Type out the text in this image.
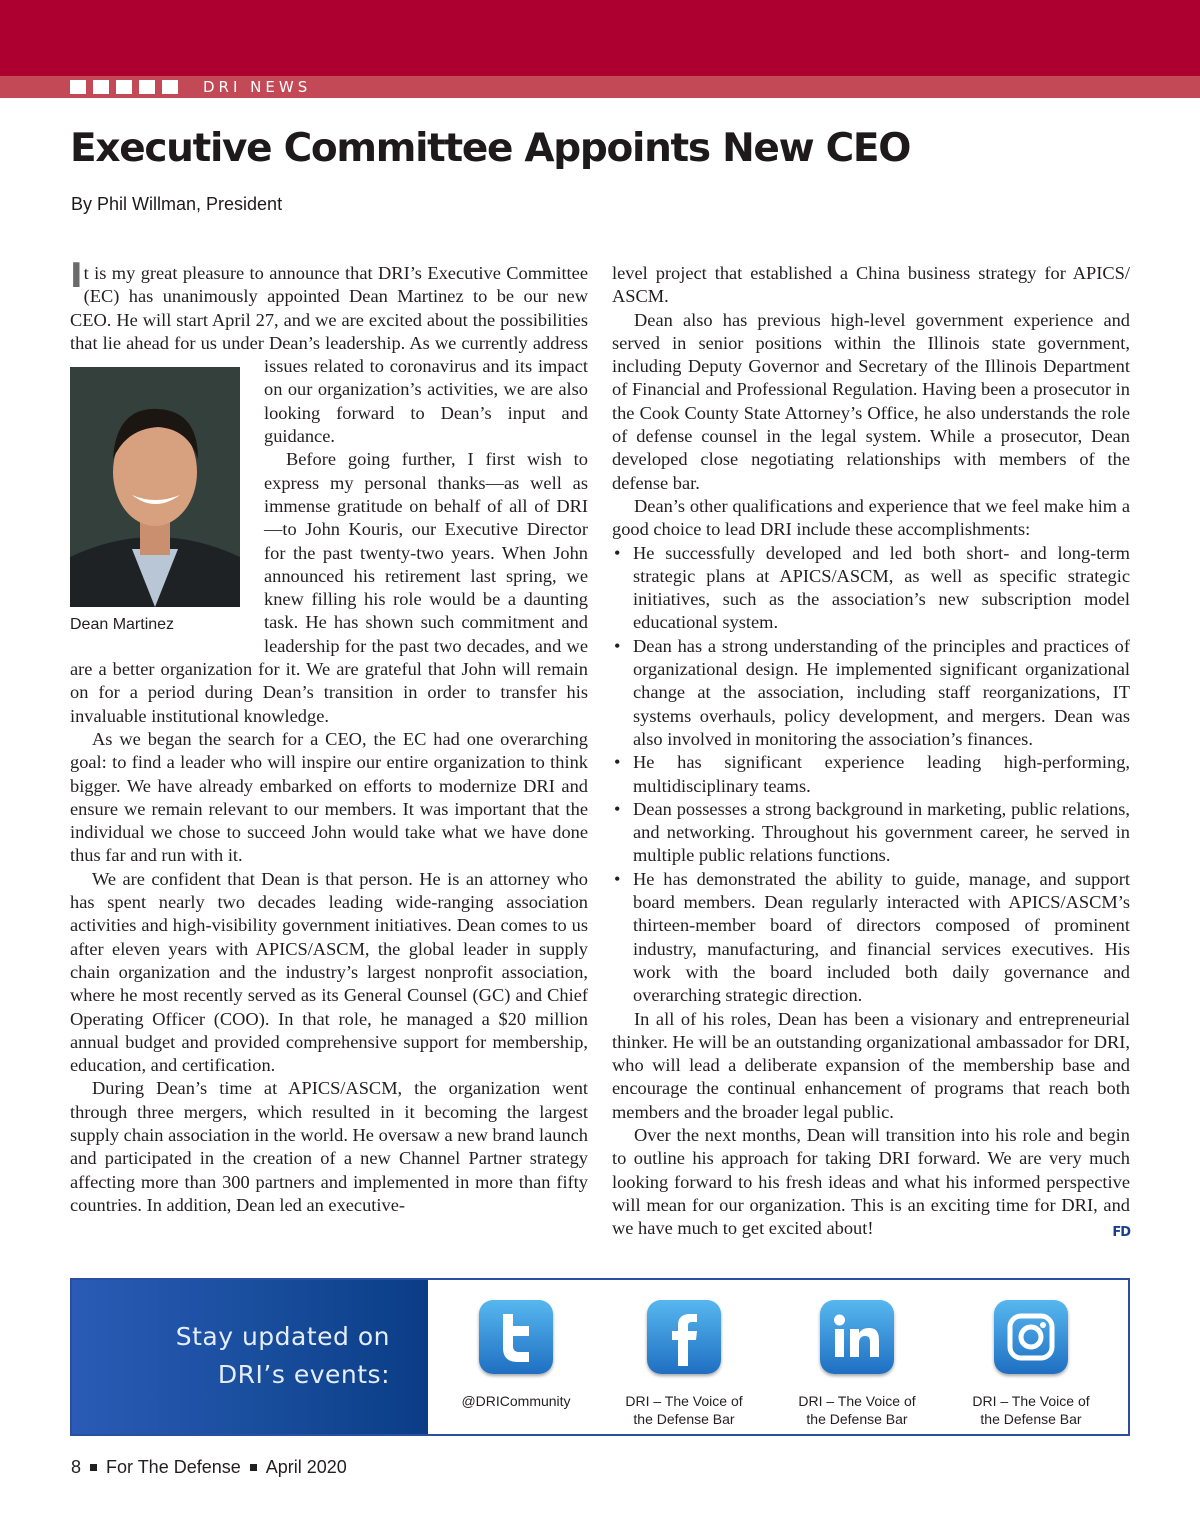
DRI NEWS
Executive Committee Appoints New CEO
By Phil Willman, President

It is my great pleasure to announce that DRI’s Executive Committee (EC) has unanimously appointed Dean Martinez to be our new CEO. He will start April 27, and we are excited about the possibilities that lie ahead for us under Dean’s leadership. As we currently
Dean Martinez
address issues related to coronavirus and its impact on our organization’s activities, we are also looking forward to Dean’s input and guidance.

Before going further, I first wish to express my personal thanks—as well as immense gratitude on behalf of all of DRI—to John Kouris, our Executive Director for the past twenty-two years. When John announced his retirement last spring, we knew filling his role would be a daunting task. He has shown such commitment and leadership for the past two decades, and we are a better organization for it. We are grateful that John will remain on for a period during Dean’s transition in order to transfer his invaluable institutional knowledge.

As we began the search for a CEO, the EC had one overarching goal: to find a leader who will inspire our entire organization to think bigger. We have already embarked on efforts to modernize DRI and ensure we remain relevant to our members. It was important that the individual we chose to succeed John would take what we have done thus far and run with it.

We are confident that Dean is that person. He is an attorney who has spent nearly two decades leading wide-ranging association activities and high-visibility government initiatives. Dean comes to us after eleven years with APICS/ASCM, the global leader in supply chain organization and the industry’s largest nonprofit association, where he most recently served as its General Counsel (GC) and Chief Operating Officer (COO). In that role, he managed a $20 million annual budget and provided comprehensive support for membership, education, and certification.

During Dean’s time at APICS/ASCM, the organization went through three mergers, which resulted in it becoming the largest supply chain association in the world. He oversaw a new brand launch and participated in the creation of a new Channel Partner strategy affecting more than 300 partners and implemented in more than fifty countries. In addition, Dean led an executive-

level project that established a China business strategy for APICS/ ASCM.

Dean also has previous high-level government experience and served in senior positions within the Illinois state government, including Deputy Governor and Secretary of the Illinois Department of Financial and Professional Regulation. Having been a prosecutor in the Cook County State Attorney’s Office, he also understands the role of defense counsel in the legal system. While a prosecutor, Dean developed close negotiating relationships with members of the defense bar.

Dean’s other qualifications and experience that we feel make him a good choice to lead DRI include these accomplishments:

• He successfully developed and led both short- and long-term strategic plans at APICS/ASCM, as well as specific strategic initiatives, such as the association’s new subscription model educational system.
• Dean has a strong understanding of the principles and practices of organizational design. He implemented significant organizational change at the association, including staff reorganizations, IT systems overhauls, policy development, and mergers. Dean was also involved in monitoring the association’s finances.
• He has significant experience leading high-performing, multidisciplinary teams.
• Dean possesses a strong background in marketing, public relations, and networking. Throughout his government career, he served in multiple public relations functions.
• He has demonstrated the ability to guide, manage, and support board members. Dean regularly interacted with APICS/ASCM’s thirteen-member board of directors composed of prominent industry, manufacturing, and financial services executives. His work with the board included both daily governance and overarching strategic direction.

In all of his roles, Dean has been a visionary and entrepreneurial thinker. He will be an outstanding organizational ambassador for DRI, who will lead a deliberate expansion of the membership base and encourage the continual enhancement of programs that reach both members and the broader legal public.

Over the next months, Dean will transition into his role and begin to outline his approach for taking DRI forward. We are very much looking forward to his fresh ideas and what his informed perspective will mean for our organization. This is an exciting time for DRI, and we have much to get excited about!	FD

Stay updated on
DRI’s events:
@DRICommunity	DRI – The Voice of
the Defense Bar
DRI – The Voice of
the Defense Bar
DRI – The Voice of
the Defense Bar
8 For The Defense April 2020
